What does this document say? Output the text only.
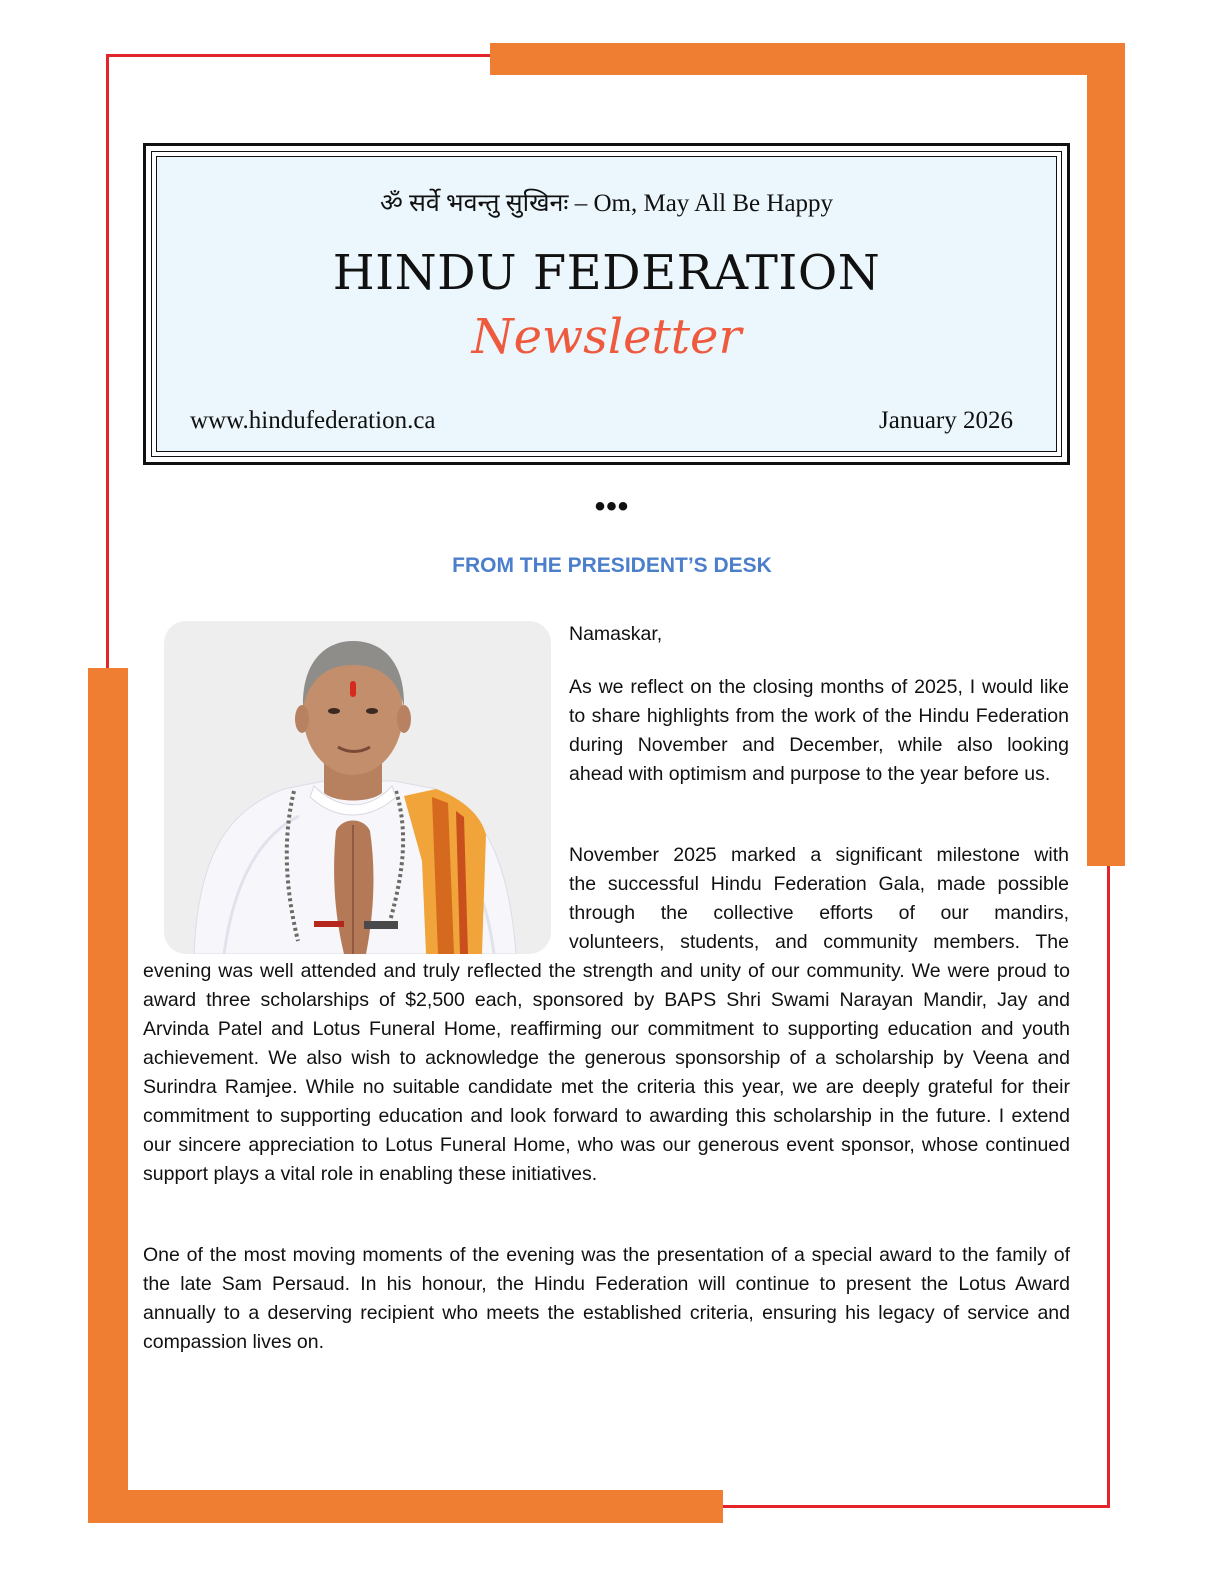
ॐ सर्वे भवन्तु सुखिनः – Om, May All Be Happy
HINDU FEDERATION
Newsletter
www.hindufederation.ca	January 2026
•••
FROM THE PRESIDENT’S DESK

Namaskar,

As we reflect on the closing months of 2025, I would like to share highlights from the work of the Hindu Federation during November and December, while also looking ahead with optimism and purpose to the year before us.

November 2025 marked a significant milestone with
the successful Hindu Federation Gala, made possible
through the collective efforts of our mandirs,
volunteers, students, and community members. The

evening was well attended and truly reflected the strength and unity of our community. We were proud to award three scholarships of $2,500 each, sponsored by BAPS Shri Swami Narayan Mandir, Jay and Arvinda Patel and Lotus Funeral Home, reaffirming our commitment to supporting education and youth achievement. We also wish to acknowledge the generous sponsorship of a scholarship by Veena and Surindra Ramjee. While no suitable candidate met the criteria this year, we are deeply grateful for their commitment to supporting education and look forward to awarding this scholarship in the future. I extend our sincere appreciation to Lotus Funeral Home, who was our generous event sponsor, whose continued support plays a vital role in enabling these initiatives.

One of the most moving moments of the evening was the presentation of a special award to the family of the late Sam Persaud. In his honour, the Hindu Federation will continue to present the Lotus Award annually to a deserving recipient who meets the established criteria, ensuring his legacy of service and compassion lives on.
